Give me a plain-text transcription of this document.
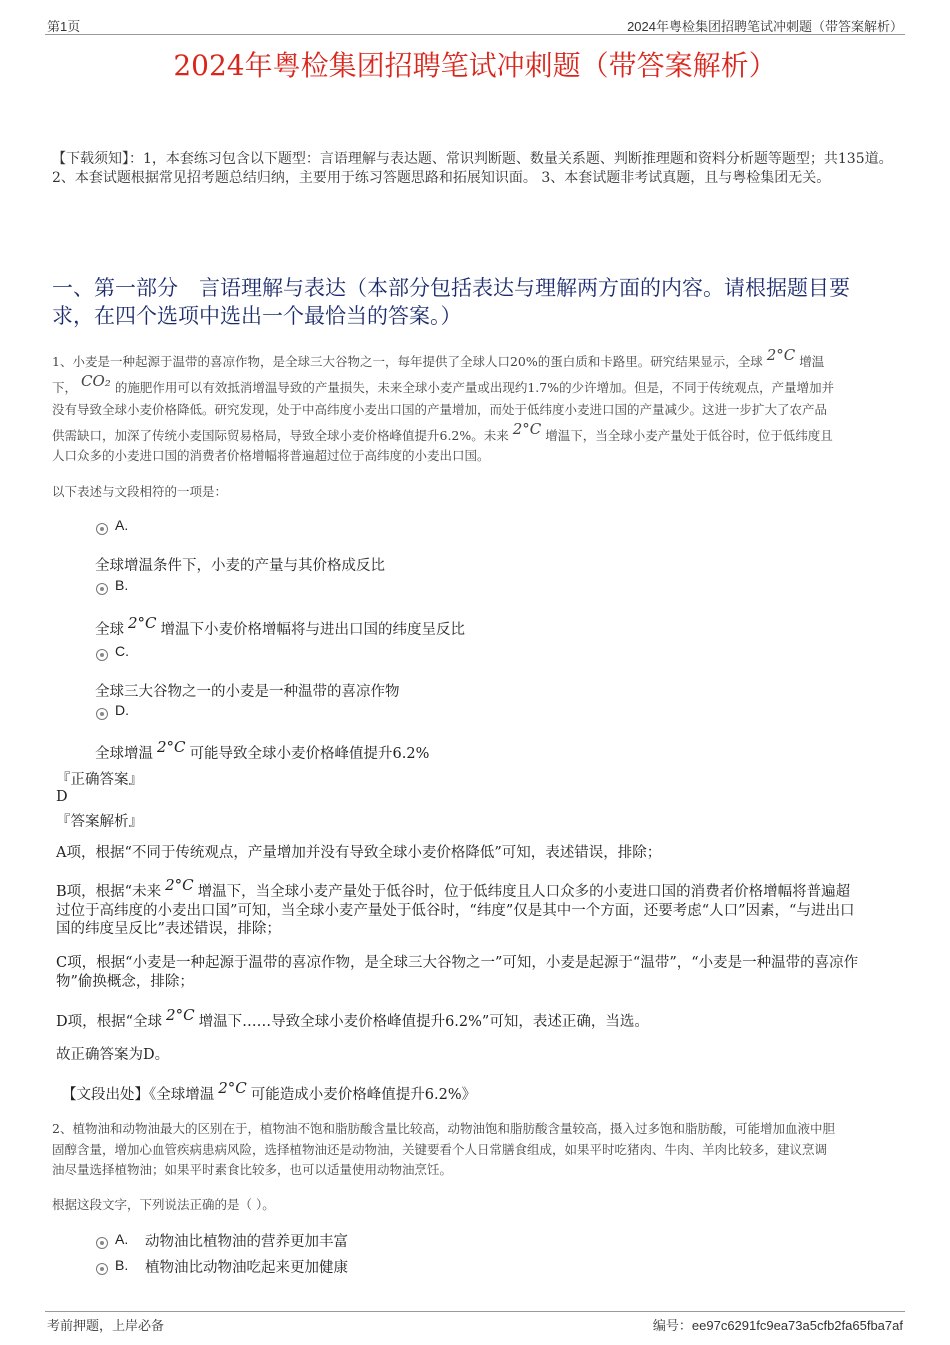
第1页	2024年粤检集团招聘笔试冲刺题（带答案解析）
2024年粤检集团招聘笔试冲刺题（带答案解析）
【下载须知】：1，本套练习包含以下题型：言语理解与表达题、常识判断题、数量关系题、判断推理题和资料分析题等题型；共135道。 2、本套试题根据常见招考题总结归纳，主要用于练习答题思路和拓展知识面。 3、本套试题非考试真题，且与粤检集团无关。
一、第一部分　言语理解与表达（本部分包括表达与理解两方面的内容。请根据题目要求，在四个选项中选出一个最恰当的答案。）
1、小麦是一种起源于温带的喜凉作物，是全球三大谷物之一，每年提供了全球人口20%的蛋白质和卡路里。研究结果显示，全球 2°C 增温
下， CO₂ 的施肥作用可以有效抵消增温导致的产量损失，未来全球小麦产量或出现约1.7%的少许增加。但是，不同于传统观点，产量增加并
没有导致全球小麦价格降低。研究发现，处于中高纬度小麦出口国的产量增加，而处于低纬度小麦进口国的产量减少。这进一步扩大了农产品
供需缺口，加深了传统小麦国际贸易格局，导致全球小麦价格峰值提升6.2%。未来 2°C 增温下，当全球小麦产量处于低谷时，位于低纬度且
人口众多的小麦进口国的消费者价格增幅将普遍超过位于高纬度的小麦出口国。
以下表述与文段相符的一项是：
A.
全球增温条件下，小麦的产量与其价格成反比
B.
全球 2°C 增温下小麦价格增幅将与进出口国的纬度呈反比
C.
全球三大谷物之一的小麦是一种温带的喜凉作物
D.
全球增温 2°C 可能导致全球小麦价格峰值提升6.2%
『正确答案』
D
『答案解析』
A项，根据“不同于传统观点，产量增加并没有导致全球小麦价格降低”可知，表述错误，排除；
B项，根据“未来 2°C 增温下，当全球小麦产量处于低谷时，位于低纬度且人口众多的小麦进口国的消费者价格增幅将普遍超
过位于高纬度的小麦出口国”可知，当全球小麦产量处于低谷时，“纬度”仅是其中一个方面，还要考虑“人口”因素，“与进出口
国的纬度呈反比”表述错误，排除；
C项，根据“小麦是一种起源于温带的喜凉作物，是全球三大谷物之一”可知，小麦是起源于“温带”，“小麦是一种温带的喜凉作
物”偷换概念，排除；
D项，根据“全球 2°C 增温下……导致全球小麦价格峰值提升6.2%”可知，表述正确，当选。
故正确答案为D。
【文段出处】《全球增温 2°C 可能造成小麦价格峰值提升6.2%》
2、植物油和动物油最大的区别在于，植物油不饱和脂肪酸含量比较高，动物油饱和脂肪酸含量较高，摄入过多饱和脂肪酸，可能增加血液中胆
固醇含量，增加心血管疾病患病风险，选择植物油还是动物油，关键要看个人日常膳食组成，如果平时吃猪肉、牛肉、羊肉比较多，建议烹调
油尽量选择植物油；如果平时素食比较多，也可以适量使用动物油烹饪。
根据这段文字，下列说法正确的是（ ）。
A. 动物油比植物油的营养更加丰富
B. 植物油比动物油吃起来更加健康
考前押题，上岸必备	编号：ee97c6291fc9ea73a5cfb2fa65fba7af
